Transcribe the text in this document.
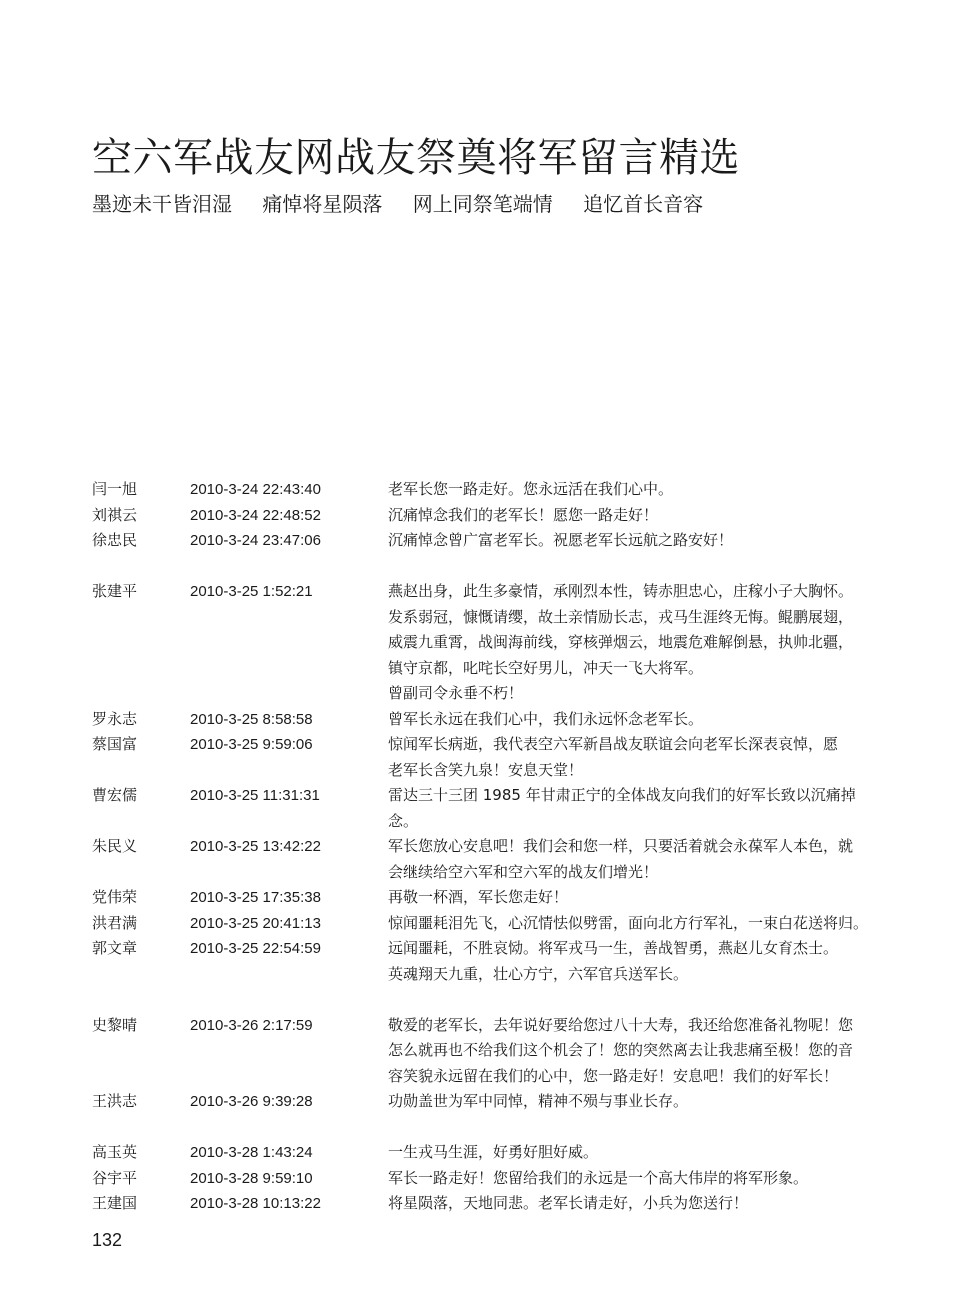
空六军战友网战友祭奠将军留言精选
墨迹未干皆泪湿 痛悼将星陨落 网上同祭笔端情 追忆首长音容
闫一旭	2010-3-24 22:43:40	老军长您一路走好。您永远活在我们心中。
刘祺云	2010-3-24 22:48:52	沉痛悼念我们的老军长！愿您一路走好！
徐忠民	2010-3-24 23:47:06	沉痛悼念曾广富老军长。祝愿老军长远航之路安好！
张建平	2010-3-25 1:52:21	燕赵出身，此生多豪情，承刚烈本性，铸赤胆忠心，庄稼小子大胸怀。
发系弱冠，慷慨请缨，故土亲情励长志，戎马生涯终无悔。鲲鹏展翅，
威震九重霄，战闽海前线，穿核弹烟云，地震危难解倒悬，执帅北疆，
镇守京都，叱咤长空好男儿，冲天一飞大将军。
曾副司令永垂不朽！
罗永志	2010-3-25 8:58:58	曾军长永远在我们心中，我们永远怀念老军长。
蔡国富	2010-3-25 9:59:06	惊闻军长病逝，我代表空六军新昌战友联谊会向老军长深表哀悼，愿
老军长含笑九泉！安息天堂！
曹宏儒	2010-3-25 11:31:31	雷达三十三团 1985 年甘肃正宁的全体战友向我们的好军长致以沉痛掉
念。
朱民义	2010-3-25 13:42:22	军长您放心安息吧！我们会和您一样，只要活着就会永葆军人本色，就
会继续给空六军和空六军的战友们增光！
党伟荣	2010-3-25 17:35:38	再敬一杯酒，军长您走好！
洪君满	2010-3-25 20:41:13	惊闻噩耗泪先飞，心沉情怯似劈雷，面向北方行军礼，一束白花送将归。
郭文章	2010-3-25 22:54:59	远闻噩耗，不胜哀恸。将军戎马一生，善战智勇，燕赵儿女育杰士。
英魂翔天九重，壮心方宁，六军官兵送军长。
史黎晴	2010-3-26 2:17:59	敬爱的老军长，去年说好要给您过八十大寿，我还给您准备礼物呢！您
怎么就再也不给我们这个机会了！您的突然离去让我悲痛至极！您的音
容笑貌永远留在我们的心中，您一路走好！安息吧！我们的好军长！
王洪志	2010-3-26 9:39:28	功勋盖世为军中同悼，精神不殒与事业长存。
高玉英	2010-3-28 1:43:24	一生戎马生涯，好勇好胆好威。
谷宇平	2010-3-28 9:59:10	军长一路走好！您留给我们的永远是一个高大伟岸的将军形象。
王建国	2010-3-28 10:13:22	将星陨落，天地同悲。老军长请走好，小兵为您送行！
132
